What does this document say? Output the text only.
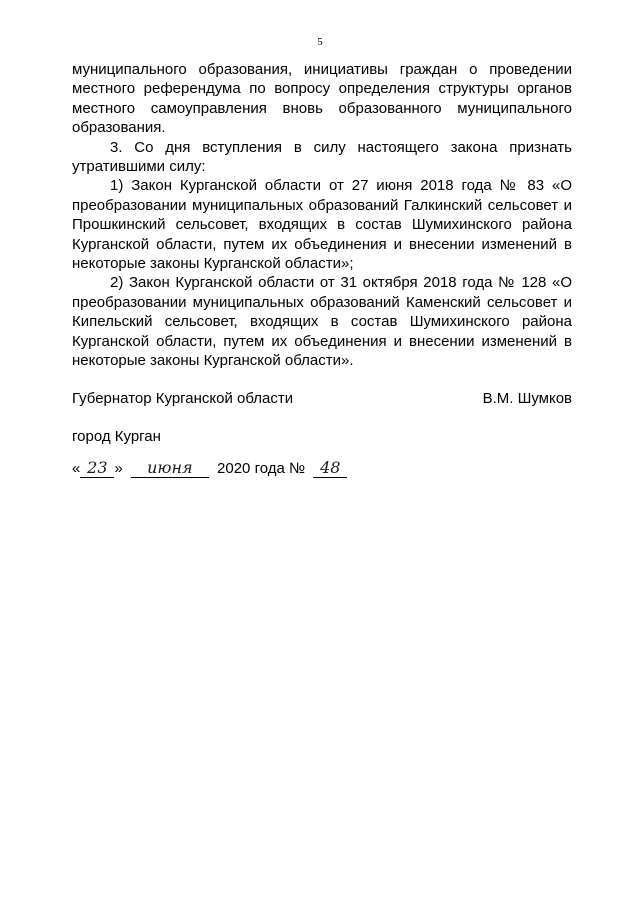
5

муниципального образования, инициативы граждан о проведении местного референдума по вопросу определения структуры органов местного самоуправления вновь образованного муниципального образования.

3. Со дня вступления в силу настоящего закона признать утратившими силу:

1) Закон Курганской области от 27 июня 2018 года № 83 «О преобразовании муниципальных образований Галкинский сельсовет и Прошкинский сельсовет, входящих в состав Шумихинского района Курганской области, путем их объединения и внесении изменений в некоторые законы Курганской области»;

2) Закон Курганской области от 31 октября 2018 года № 128 «О преобразовании муниципальных образований Каменский сельсовет и Кипельский сельсовет, входящих в состав Шумихинского района Курганской области, путем их объединения и внесении изменений в некоторые законы Курганской области».

Губернатор Курганской области	В.М. Шумков
город Курган
« 23 » июня 2020 года № 48
